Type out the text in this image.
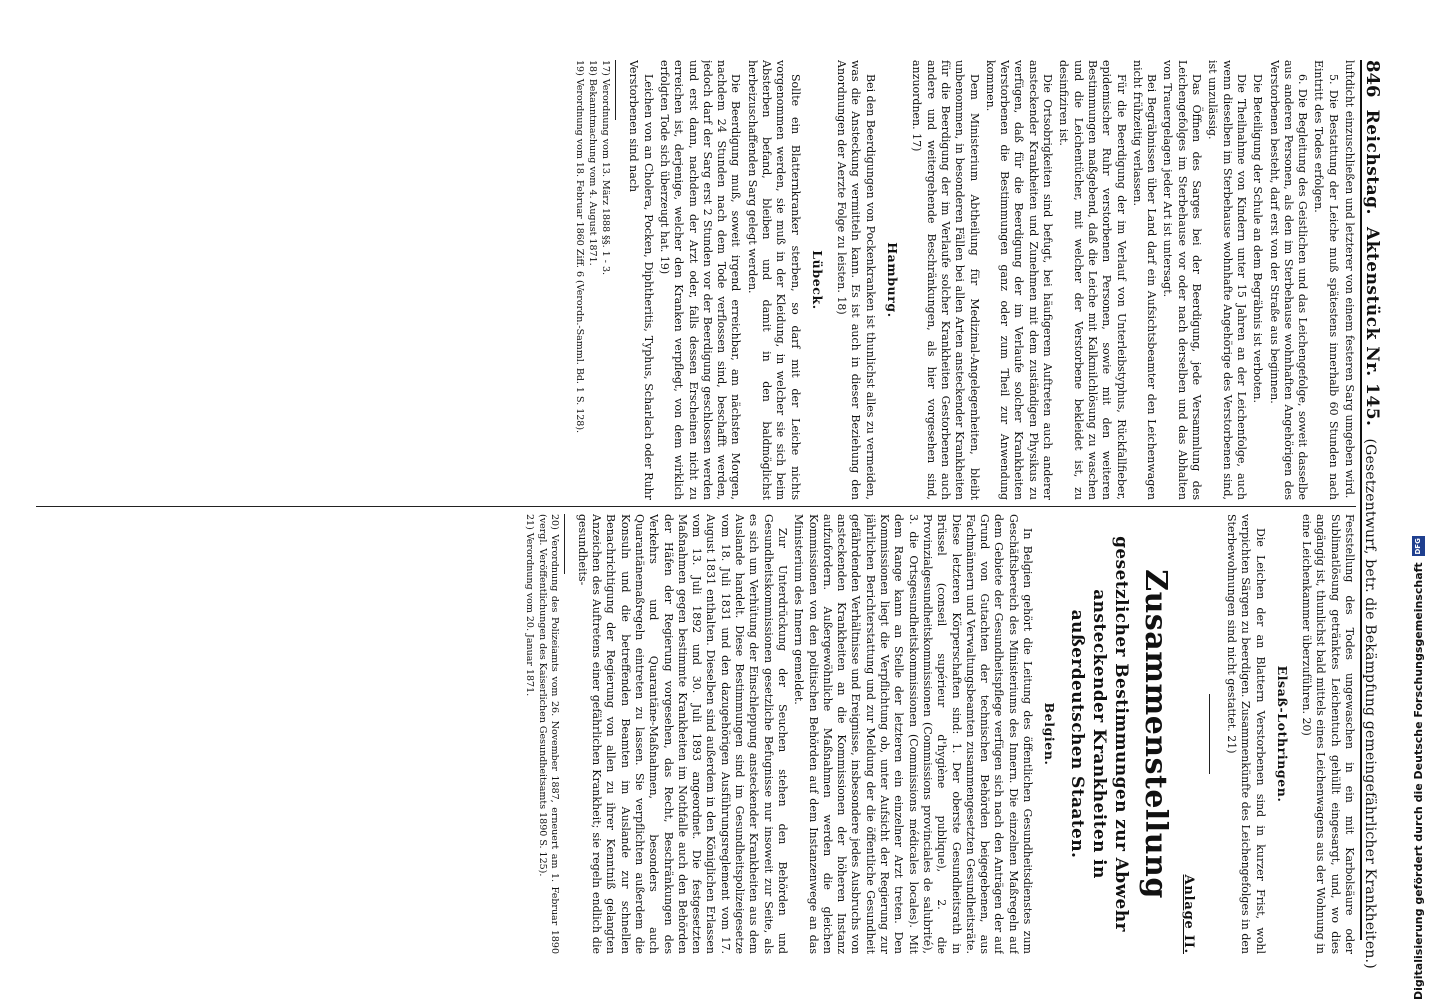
846
Reichstag.
Aktenstück Nr. 145.
(Gesetzentwurf, betr. die Bekämpfung gemeingefährlicher Krankheiten.)

luftdicht einzuschließen und letzterer von einem festeren Sarg umgeben wird.

5. Die Bestattung der Leiche muß spätestens innerhalb 60 Stunden nach Eintritt des Todes erfolgen.

6. Die Begleitung des Geistlichen und das Leichengefolge, soweit dasselbe aus anderen Personen, als den im Sterbehause wohnhaften Angehörigen des Verstorbenen besteht, darf erst von der Straße aus beginnen.

Die Beteiligung der Schule an dem Begräbnis ist verboten.

Die Theilnahme von Kindern unter 15 Jahren an der Leichenfolge, auch wenn dieselben im Sterbehause wohnhafte Angehörige des Verstorbenen sind, ist unzulässig.

Das Öffnen des Sarges bei der Beerdigung, jede Versammlung des Leichengefolges im Sterbehause vor oder nach derselben und das Abhalten von Trauergelagen jeder Art ist untersagt.

Bei Begräbnissen über Land darf ein Aufsichtsbeamter den Leichenwagen nicht frühzeitig verlassen.

Für die Beerdigung der im Verlauf von Unterleibstyphus, Rückfallfieber, epidemischer Ruhr verstorbenen Personen, sowie mit den weiteren Bestimmungen maßgebend, daß die Leiche mit Kalkmilchlösung zu waschen und die Leichentücher, mit welcher der Verstorbene bekleidet ist, zu desinfiziren ist.

Die Ortsobrigkeiten sind befugt, bei häufigerem Auftreten auch anderer ansteckender Krankheiten und Zunehmen mit dem zuständigen Physikus zu verfügen, daß für die Beerdigung der im Verlaufe solcher Krankheiten Verstorbenen die Bestimmungen ganz oder zum Theil zur Anwendung kommen.

Dem Ministerium Abtheilung für Medizinal-Angelegenheiten, bleibt unbenommen, in besonderen Fällen bei allen Arten ansteckender Krankheiten für die Beerdigung der im Verlaufe solcher Krankheiten Gestorbenen auch andere und weitergehende Beschränkungen, als hier vorgesehen sind, anzuordnen. 17)

Hamburg.

Bei den Beerdigungen von Pockenkranken ist thunlichst alles zu vermeiden, was die Ansteckung vermitteln kann. Es ist auch in dieser Beziehung den Anordnungen der Aerzte Folge zu leisten. 18)

Lübeck.

Sollte ein Blatternkranker sterben, so darf mit der Leiche nichts vorgenommen werden, sie muß in der Kleidung, in welcher sie sich beim Absterben befand, bleiben und damit in den baldmöglichst herbeizuschaffenden Sarg gelegt werden.

Die Beerdigung muß, soweit irgend erreichbar, am nächsten Morgen, nachdem 24 Stunden nach dem Tode verflossen sind, beschafft werden, jedoch darf der Sarg erst 2 Stunden vor der Beerdigung geschlossen werden und erst dann, nachdem der Arzt oder, falls dessen Erscheinen nicht zu erreichen ist, derjenige, welcher den Kranken verpflegt, von dem wirklich erfolgten Tode sich überzeugt hat. 19)

Leichen von an Cholera, Pocken, Diphtheritis, Typhus, Scharlach oder Ruhr Verstorbenen sind nach

17) Verordnung vom 13. März 1888 §§. 1 - 3.
18) Bekanntmachung vom 4. August 1871.
19) Verordnung vom 18. Februar 1860 Ziff. 6 (Verordn.-Samml. Bd. 1 S. 128).

Feststellung des Todes ungewaschen in ein mit Karbolsäure oder Sublimatlösung getränktes Leichentuch gehüllt eingesargt, und, wo dies angängig ist, thunlichst bald mittels eines Leichenwagens aus der Wohnung in eine Leichenkammer überzuführen. 20)

Elsaß-Lothringen.

Die Leichen der an Blattern Verstorbenen sind in kurzer Frist, wohl verpichten Särgen zu beerdigen. Zusammenkünfte des Leichengefolges in den Sterbewohnungen sind nicht gestattet. 21)

Anlage II.
Zusammenstellung
gesetzlicher Bestimmungen zur Abwehr ansteckender Krankheiten in außerdeutschen Staaten.
Belgien.

In Belgien gehört die Leitung des öffentlichen Gesundheitsdienstes zum Geschäftsbereich des Ministeriums des Innern. Die einzelnen Maßregeln auf dem Gebiete der Gesundheitspflege verfügen sich nach den Anträgen der auf Grund von Gutachten der technischen Behörden beigegebenen, aus Fachmännern und Verwaltungsbeamten zusammengesetzten Gesundheitsräte. Diese letzteren Körperschaften sind: 1. Der oberste Gesundheitsrath in Brüssel (conseil supérieur d'hygiène publique), 2. die Provinzialgesundheitskommissionen (Commissions provinciales de salubrité), 3. die Ortsgesundheitskommissionen (Commissions médicales locales). Mit dem Range kann an Stelle der letzteren ein einzelner Arzt treten. Den Kommissionen liegt die Verpflichtung ob, unter Aufsicht der Regierung zur jährlichen Berichterstattung und zur Meldung der die öffentliche Gesundheit gefährdenden Verhältnisse und Ereignisse, insbesondere jedes Ausbruchs von ansteckenden Krankheiten an die Kommissionen der höheren Instanz aufzufordern. Außergewöhnliche Maßnahmen werden die gleichen Kommissionen von den politischen Behörden auf dem Instanzenwege an das Ministerium des Innern gemeldet.

Zur Unterdrückung der Seuchen stehen den Behörden und Gesundheitskommissionen gesetzliche Befugnisse nur insoweit zur Seite, als es sich um Verhütung der Einschleppung ansteckender Krankheiten aus dem Auslande handelt. Diese Bestimmungen sind im Gesundheitspolizeigesetze vom 18. Juli 1831 und den dazugehörigen Ausführungsreglement vom 17. August 1831 enthalten. Dieselben sind außerdem in den Königlichen Erlassen vom 13. Juli 1892 und 30. Juli 1893 angeordnet. Die festgesetzten Maßnahmen gegen bestimmte Krankheiten im Nothfalle auch den Behörden der Häfen der Regierung vorgesehen, das Recht, Beschränkungen des Verkehrs und Quarantäne-Maßnahmen, besonders auch Quarantänemaßregeln eintreten zu lassen. Sie verpflichten außerdem die Konsuln und die betreffenden Beamten im Auslande zur schnellen Benachrichtigung der Regierung von allen zu ihrer Kenntniß gelangten Anzeichen des Auftretens einer gefährlichen Krankheit; sie regeln endlich die gesundheits-

20) Verordnung des Polizeiamts vom 26. November 1887, erneuert am 1. Februar 1890 (vergl. Veröffentlichungen des Kaiserlichen Gesundheitsamts 1890 S. 125).
21) Verordnung vom 20. Januar 1871.	Digitalisierung gefördert durch die Deutsche Forschungsgemeinschaft
DFG
